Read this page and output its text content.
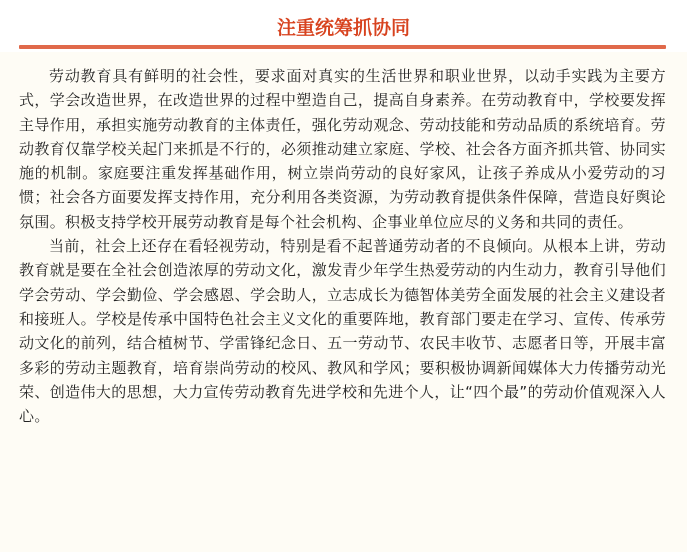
注重统筹抓协同

劳动教育具有鲜明的社会性，要求面对真实的生活世界和职业世界，以动手实践为主要方式，学会改造世界，在改造世界的过程中塑造自己，提高自身素养。在劳动教育中，学校要发挥主导作用，承担实施劳动教育的主体责任，强化劳动观念、劳动技能和劳动品质的系统培育。劳动教育仅靠学校关起门来抓是不行的，必须推动建立家庭、学校、社会各方面齐抓共管、协同实施的机制。家庭要注重发挥基础作用，树立崇尚劳动的良好家风，让孩子养成从小爱劳动的习惯；社会各方面要发挥支持作用，充分利用各类资源，为劳动教育提供条件保障，营造良好舆论氛围。积极支持学校开展劳动教育是每个社会机构、企事业单位应尽的义务和共同的责任。

当前，社会上还存在看轻视劳动，特别是看不起普通劳动者的不良倾向。从根本上讲，劳动教育就是要在全社会创造浓厚的劳动文化，激发青少年学生热爱劳动的内生动力，教育引导他们学会劳动、学会勤俭、学会感恩、学会助人，立志成长为德智体美劳全面发展的社会主义建设者和接班人。学校是传承中国特色社会主义文化的重要阵地，教育部门要走在学习、宣传、传承劳动文化的前列，结合植树节、学雷锋纪念日、五一劳动节、农民丰收节、志愿者日等，开展丰富多彩的劳动主题教育，培育崇尚劳动的校风、教风和学风；要积极协调新闻媒体大力传播劳动光荣、创造伟大的思想，大力宣传劳动教育先进学校和先进个人，让“四个最”的劳动价值观深入人心。
